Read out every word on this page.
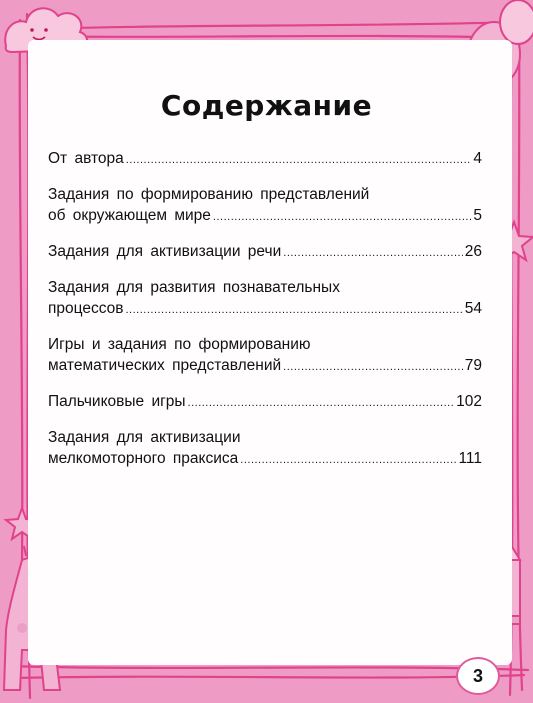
Содержание
От автора .....	4
Задания по формированию представлений
об окружающем мире .....	5
Задания для активизации речи .....	26
Задания для развития познавательных
процессов .....	54
Игры и задания по формированию
математических представлений .....	79
Пальчиковые игры .....	102
Задания для активизации
мелкомоторного праксиса .....	111
3
